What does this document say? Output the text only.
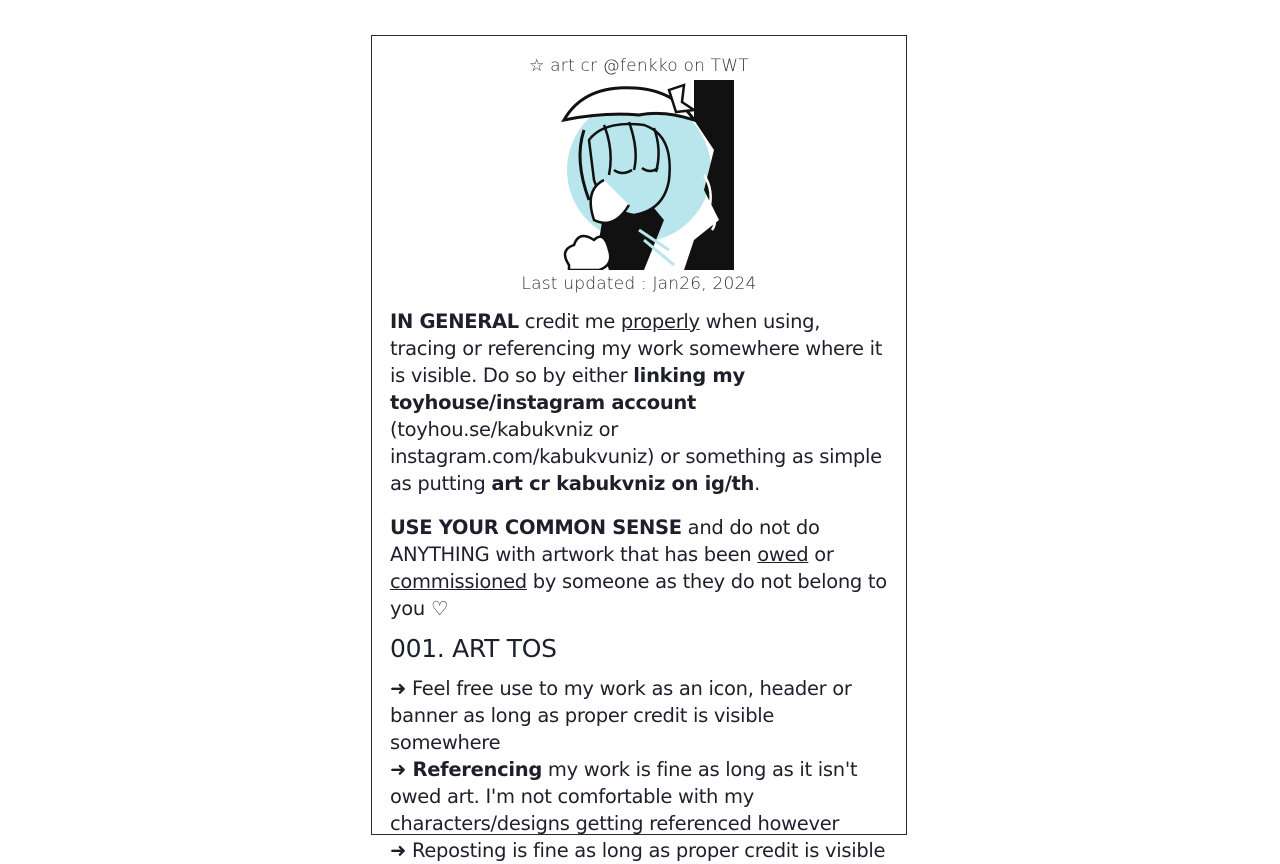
☆ art cr @fenkko on TWT
Last updated : Jan26, 2024
IN GENERAL credit me properly when using, tracing or referencing my work somewhere where it is visible. Do so by either linking my toyhouse/instagram account (toyhou.se/kabukvniz or instagram.com/kabukvuniz) or something as simple as putting art cr kabukvniz on ig/th.
USE YOUR COMMON SENSE and do not do ANYTHING with artwork that has been owed or commissioned by someone as they do not belong to you ♡
001. ART TOS
➜ Feel free use to my work as an icon, header or banner as long as proper credit is visible somewhere
➜ Referencing my work is fine as long as it isn't owed art. I'm not comfortable with my characters/designs getting referenced however
➜ Reposting is fine as long as proper credit is visible
